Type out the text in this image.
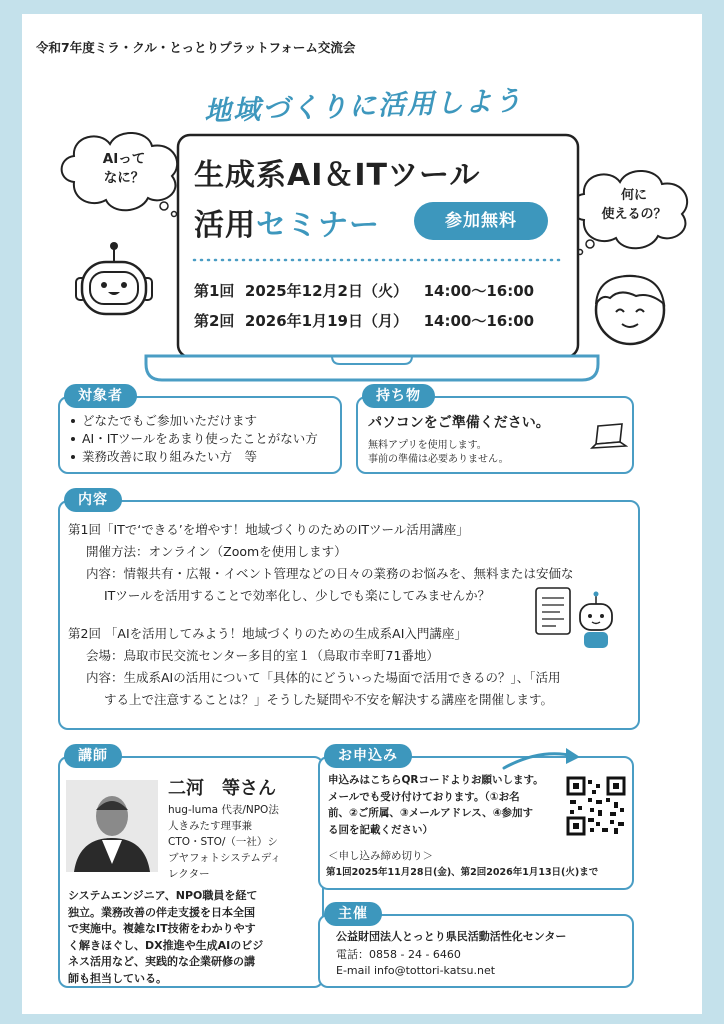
令和7年度ミラ・クル・とっとりプラットフォーム交流会
地域づくりに活用しよう
AIって
なに？
何に
使えるの？
生成系AI＆ITツール
活用セミナー	参加無料
第1回 2025年12月2日（火） 14:00〜16:00
第2回 2026年1月19日（月） 14:00〜16:00
どなたでもご参加いただけます
AI・ITツールをあまり使ったことがない方
業務改善に取り組みたい方　等
対象者
パソコンをご準備ください。
無料アプリを使用します。
事前の準備は必要ありません。
持ち物
第1回「ITで‘できる’を増やす！地域づくりのためのITツール活用講座」
開催方法：オンライン（Zoomを使用します）
内容：情報共有・広報・イベント管理などの日々の業務のお悩みを、無料または安価な
ITツールを活用することで効率化し、少しでも楽にしてみませんか？
第2回 「AIを活用してみよう！地域づくりのための生成系AI入門講座」
会場：鳥取市民交流センター多目的室１（鳥取市幸町71番地）
内容：生成系AIの活用について「具体的にどういった場面で活用できるの？」、「活用
する上で注意することは？」そうした疑問や不安を解決する講座を開催します。
内容
二河　等さん
hug-luma 代表/NPO法
人きみたす理事兼
CTO・STO/（一社）シ
ブヤフォトシステムディ
レクター
システムエンジニア、NPO職員を経て
独立。業務改善の伴走支援を日本全国
で実施中。複雑なIT技術をわかりやす
く解きほぐし、DX推進や生成AIのビジ
ネス活用など、実践的な企業研修の講
師も担当している。
講師
申込みはこちらQRコードよりお願いします。
メールでも受け付けております。（①お名
前、②ご所属、③メールアドレス、④参加す
る回を記載ください）
＜申し込み締め切り＞
第1回2025年11月28日(金)、第2回2026年1月13日(火)まで
お申込み
公益財団法人とっとり県民活動活性化センター
電話：0858 - 24 - 6460
E-mail info@tottori-katsu.net
主催
